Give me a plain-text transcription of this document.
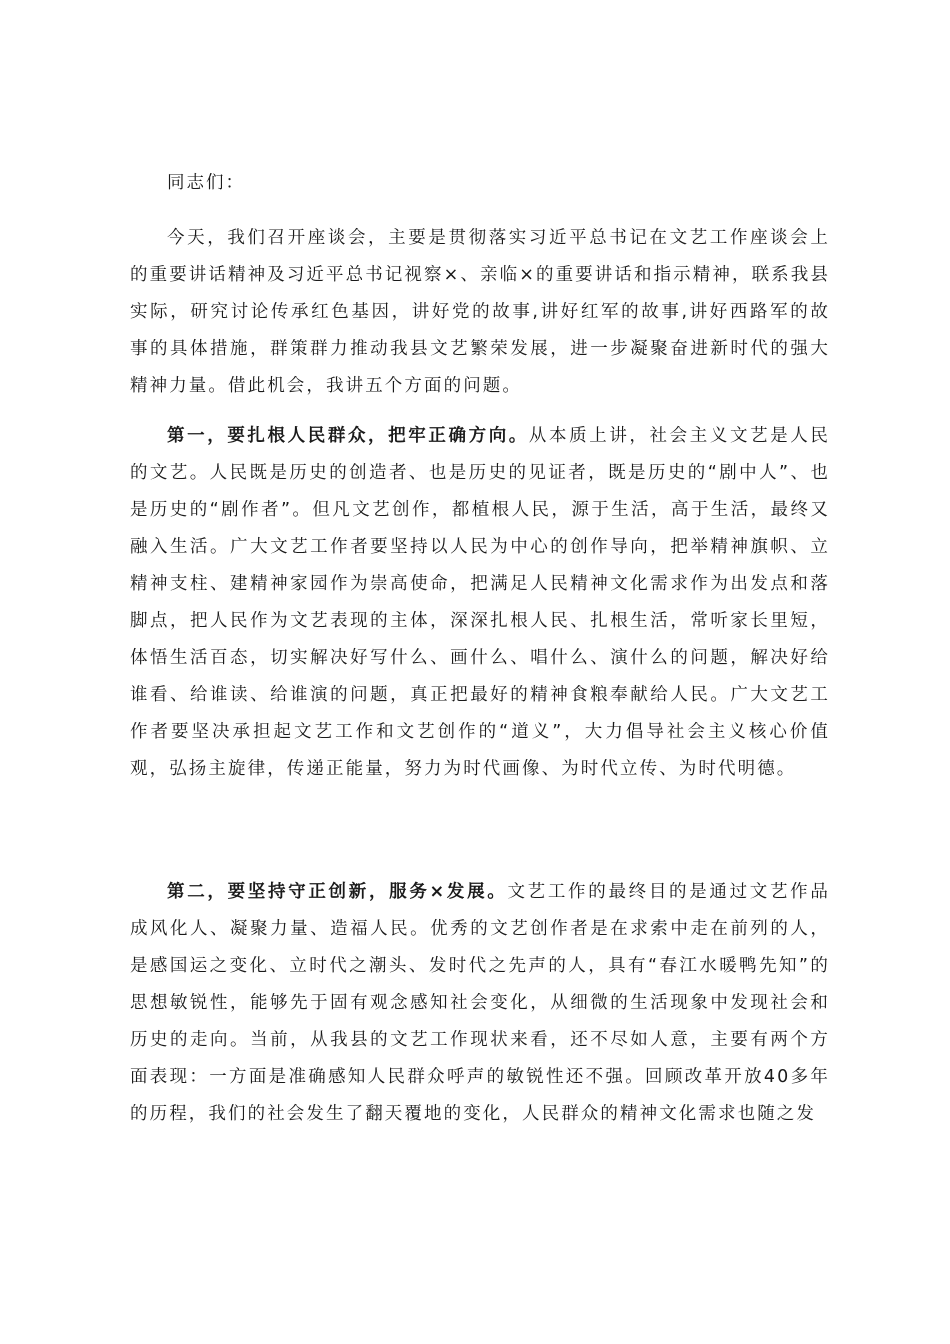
同志们：

今天，我们召开座谈会，主要是贯彻落实习近平总书记在文艺工作座谈会上的重要讲话精神及习近平总书记视察×、亲临×的重要讲话和指示精神，联系我县实际，研究讨论传承红色基因，讲好党的故事,讲好红军的故事,讲好西路军的故事的具体措施，群策群力推动我县文艺繁荣发展，进一步凝聚奋进新时代的强大精神力量。借此机会，我讲五个方面的问题。

第一，要扎根人民群众，把牢正确方向。从本质上讲，社会主义文艺是人民的文艺。人民既是历史的创造者、也是历史的见证者，既是历史的“剧中人”、也是历史的“剧作者”。但凡文艺创作，都植根人民，源于生活，高于生活，最终又融入生活。广大文艺工作者要坚持以人民为中心的创作导向，把举精神旗帜、立精神支柱、建精神家园作为崇高使命，把满足人民精神文化需求作为出发点和落脚点，把人民作为文艺表现的主体，深深扎根人民、扎根生活，常听家长里短，体悟生活百态，切实解决好写什么、画什么、唱什么、演什么的问题，解决好给谁看、给谁读、给谁演的问题，真正把最好的精神食粮奉献给人民。广大文艺工作者要坚决承担起文艺工作和文艺创作的“道义”，大力倡导社会主义核心价值观，弘扬主旋律，传递正能量，努力为时代画像、为时代立传、为时代明德。

第二，要坚持守正创新，服务×发展。文艺工作的最终目的是通过文艺作品成风化人、凝聚力量、造福人民。优秀的文艺创作者是在求索中走在前列的人，是感国运之变化、立时代之潮头、发时代之先声的人，具有“春江水暖鸭先知”的思想敏锐性，能够先于固有观念感知社会变化，从细微的生活现象中发现社会和历史的走向。当前，从我县的文艺工作现状来看，还不尽如人意，主要有两个方面表现：一方面是准确感知人民群众呼声的敏锐性还不强。回顾改革开放40多年的历程，我们的社会发生了翻天覆地的变化，人民群众的精神文化需求也随之发
